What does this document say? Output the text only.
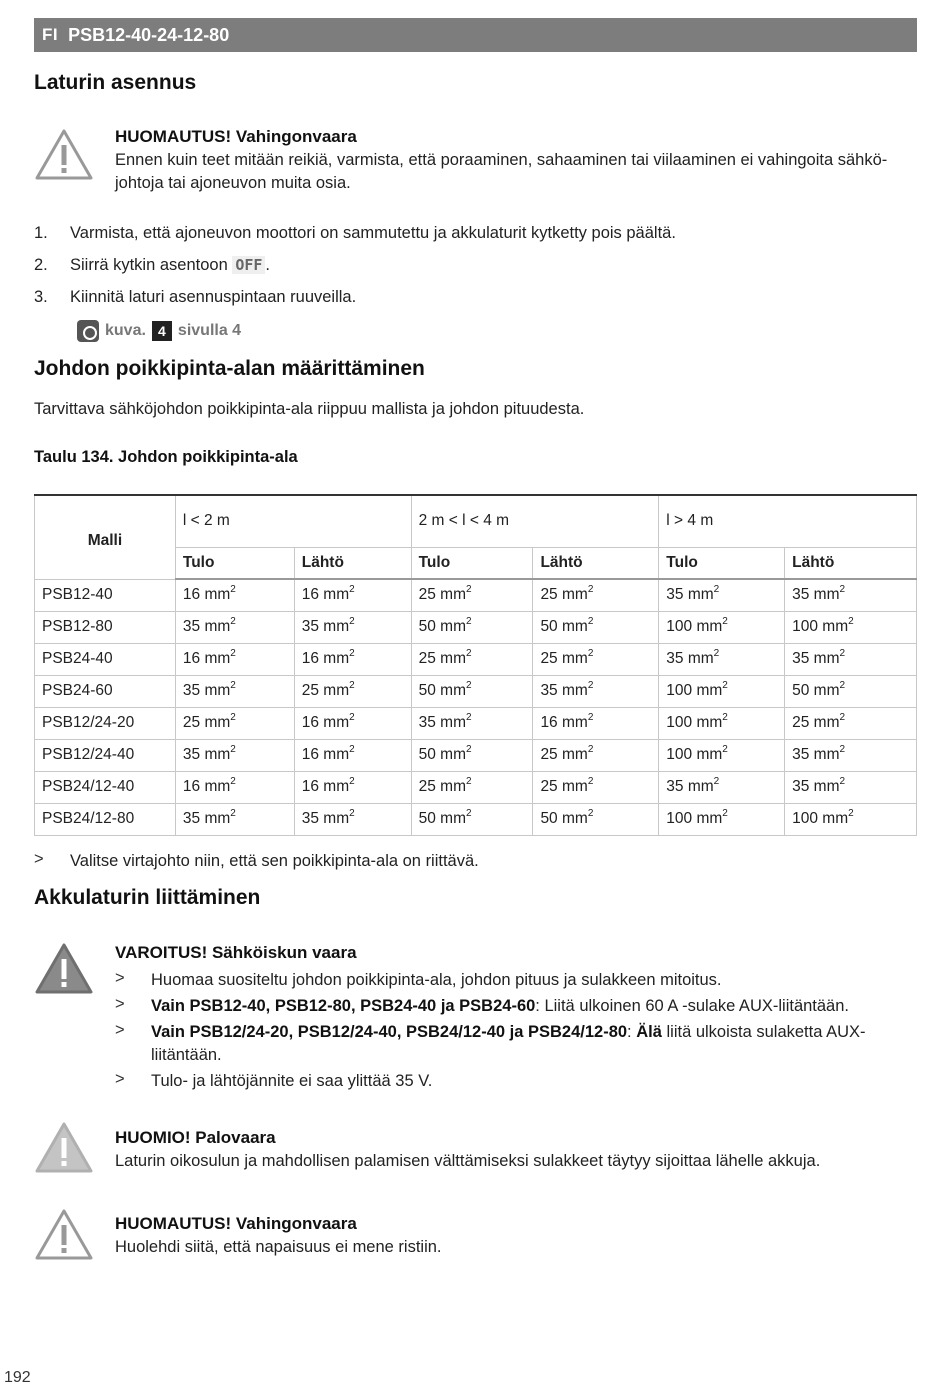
FI PSB12-40-24-12-80
Laturin asennus
HUOMAUTUS! Vahingonvaara
Ennen kuin teet mitään reikiä, varmista, että poraaminen, sahaaminen tai viilaaminen ei vahingoita sähkö-johtoja tai ajoneuvon muita osia.
1.	Varmista, että ajoneuvon moottori on sammutettu ja akkulaturit kytketty pois päältä.
2.	Siirrä kytkin asentoon OFF .
3.	Kiinnitä laturi asennuspintaan ruuveilla.
kuva. 4 sivulla 4
Johdon poikkipinta-alan määrittäminen
Tarvittava sähköjohdon poikkipinta-ala riippuu mallista ja johdon pituudesta.
Taulu 134. Johdon poikkipinta-ala
Malli	l < 2 m		2 m < l < 4 m		l > 4 m	
	Tulo	Lähtö	Tulo	Lähtö	Tulo	Lähtö
PSB12-40	16 $mm^2$	16 $mm^2$	25 $mm^2$	25 $mm^2$	35 $mm^2$	35 $mm^2$
PSB12-80	35 $mm^2$	35 $mm^2$	50 $mm^2$	50 $mm^2$	100 $mm^2$	100 $mm^2$
PSB24-40	16 $mm^2$	16 $mm^2$	25 $mm^2$	25 $mm^2$	35 $mm^2$	35 $mm^2$
PSB24-60	35 $mm^2$	25 $mm^2$	50 $mm^2$	35 $mm^2$	100 $mm^2$	50 $mm^2$
PSB12/24-20	25 $mm^2$	16 $mm^2$	35 $mm^2$	16 $mm^2$	100 $mm^2$	25 $mm^2$
PSB12/24-40	35 $mm^2$	16 $mm^2$	50 $mm^2$	25 $mm^2$	100 $mm^2$	35 $mm^2$
PSB24/12-40	16 $mm^2$	16 $mm^2$	25 $mm^2$	25 $mm^2$	35 $mm^2$	35 $mm^2$
PSB24/12-80	35 $mm^2$	35 $mm^2$	50 $mm^2$	50 $mm^2$	100 $mm^2$	100 $mm^2$
>	Valitse virtajohto niin, että sen poikkipinta-ala on riittävä.
Akkulaturin liittäminen
VAROITUS! Sähköiskun vaara
>	Huomaa suositeltu johdon poikkipinta-ala, johdon pituus ja sulakkeen mitoitus.
>	Vain PSB12-40, PSB12-80, PSB24-40 ja PSB24-60: Liitä ulkoinen 60 A -sulake AUX-liitäntään.
>	Vain PSB12/24-20, PSB12/24-40, PSB24/12-40 ja PSB24/12-80: Älä liitä ulkoista sulaketta AUX-liitäntään.
>	Tulo- ja lähtöjännite ei saa ylittää 35 V.
HUOMIO! Palovaara
Laturin oikosulun ja mahdollisen palamisen välttämiseksi sulakkeet täytyy sijoittaa lähelle akkuja.
HUOMAUTUS! Vahingonvaara
Huolehdi siitä, että napaisuus ei mene ristiin.
192
